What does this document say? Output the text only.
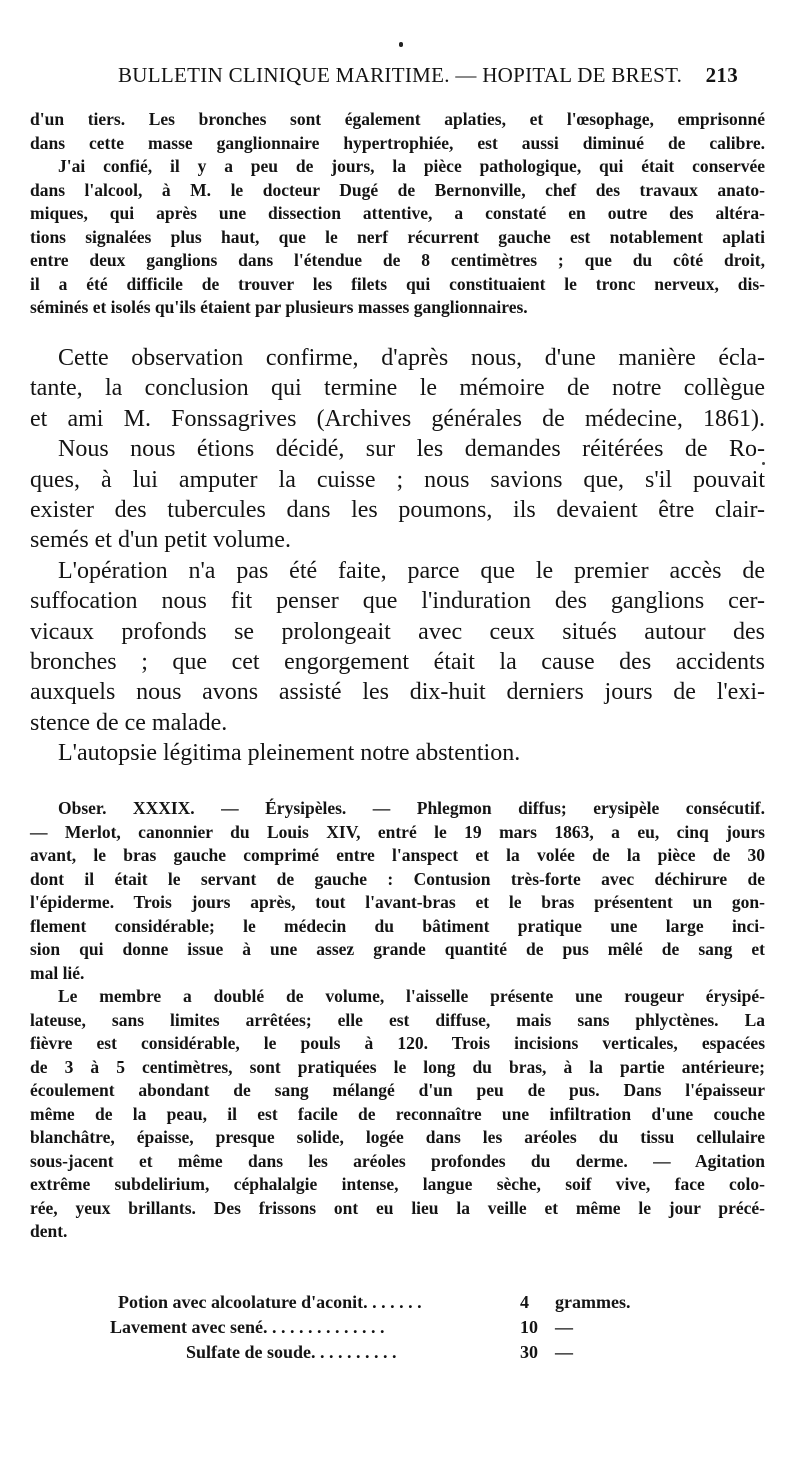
BULLETIN CLINIQUE MARITIME. — HOPITAL DE BREST. 213
d'un tiers. Les bronches sont également aplaties, et l'œsophage, emprisonné
dans cette masse ganglionnaire hypertrophiée, est aussi diminué de calibre.
J'ai confié, il y a peu de jours, la pièce pathologique, qui était conservée
dans l'alcool, à M. le docteur Dugé de Bernonville, chef des travaux anato-
miques, qui après une dissection attentive, a constaté en outre des altéra-
tions signalées plus haut, que le nerf récurrent gauche est notablement aplati
entre deux ganglions dans l'étendue de 8 centimètres ; que du côté droit,
il a été difficile de trouver les filets qui constituaient le tronc nerveux, dis-
séminés et isolés qu'ils étaient par plusieurs masses ganglionnaires.
Cette observation confirme, d'après nous, d'une manière écla-
tante, la conclusion qui termine le mémoire de notre collègue
et ami M. Fonssagrives (Archives générales de médecine, 1861).
Nous nous étions décidé, sur les demandes réitérées de Ro-
ques, à lui amputer la cuisse ; nous savions que, s'il pouvait
exister des tubercules dans les poumons, ils devaient être clair-
semés et d'un petit volume.
L'opération n'a pas été faite, parce que le premier accès de
suffocation nous fit penser que l'induration des ganglions cer-
vicaux profonds se prolongeait avec ceux situés autour des
bronches ; que cet engorgement était la cause des accidents
auxquels nous avons assisté les dix-huit derniers jours de l'exi-
stence de ce malade.
L'autopsie légitima pleinement notre abstention.
Obser. XXXIX. — Érysipèles. — Phlegmon diffus; erysipèle consécutif.
— Merlot, canonnier du Louis XIV, entré le 19 mars 1863, a eu, cinq jours
avant, le bras gauche comprimé entre l'anspect et la volée de la pièce de 30
dont il était le servant de gauche : Contusion très-forte avec déchirure de
l'épiderme. Trois jours après, tout l'avant-bras et le bras présentent un gon-
flement considérable; le médecin du bâtiment pratique une large inci-
sion qui donne issue à une assez grande quantité de pus mêlé de sang et
mal lié.
Le membre a doublé de volume, l'aisselle présente une rougeur érysipé-
lateuse, sans limites arrêtées; elle est diffuse, mais sans phlyctènes. La
fièvre est considérable, le pouls à 120. Trois incisions verticales, espacées
de 3 à 5 centimètres, sont pratiquées le long du bras, à la partie antérieure;
écoulement abondant de sang mélangé d'un peu de pus. Dans l'épaisseur
même de la peau, il est facile de reconnaître une infiltration d'une couche
blanchâtre, épaisse, presque solide, logée dans les aréoles du tissu cellulaire
sous-jacent et même dans les aréoles profondes du derme. — Agitation
extrême subdelirium, céphalalgie intense, langue sèche, soif vive, face colo-
rée, yeux brillants. Des frissons ont eu lieu la veille et même le jour précé-
dent.
Potion avec alcoolature d'aconit. . . . . . .	4 grammes.
Lavement avec sené. . . . . . . . . . . . . .	10 —
Sulfate de soude. . . . . . . . . .	30 —
